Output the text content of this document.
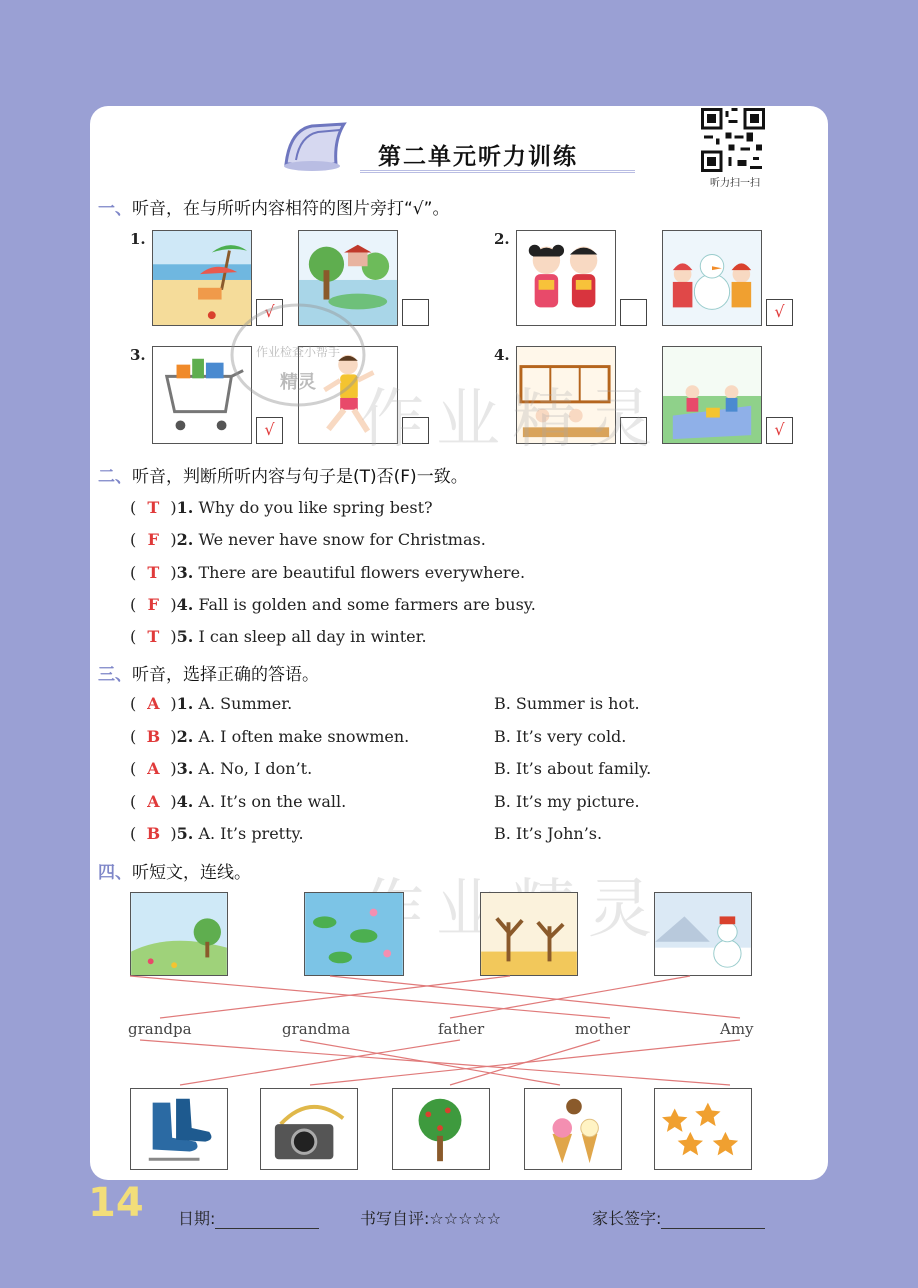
第二单元听力训练
听力扫一扫
一、听音，在与所听内容相符的图片旁打“√”。
1.
√
2.
√
3.
√
4.
√
作业检查小帮手
精灵
作业精灵
二、听音，判断所听内容与句子是(T)否(F)一致。
( T )1. Why do you like spring best?
( F )2. We never have snow for Christmas.
( T )3. There are beautiful flowers everywhere.
( F )4. Fall is golden and some farmers are busy.
( T )5. I can sleep all day in winter.
三、听音，选择正确的答语。
( A )1. A. Summer.	B. Summer is hot.
( B )2. A. I often make snowmen.	B. It’s very cold.
( A )3. A. No, I don’t.	B. It’s about family.
( A )4. A. It’s on the wall.	B. It’s my picture.
( B )5. A. It’s pretty.	B. It’s John’s.
四、听短文，连线。
grandpa	grandma	father	mother	Amy
14 日期:	书写自评:☆☆☆☆☆	家长签字:
